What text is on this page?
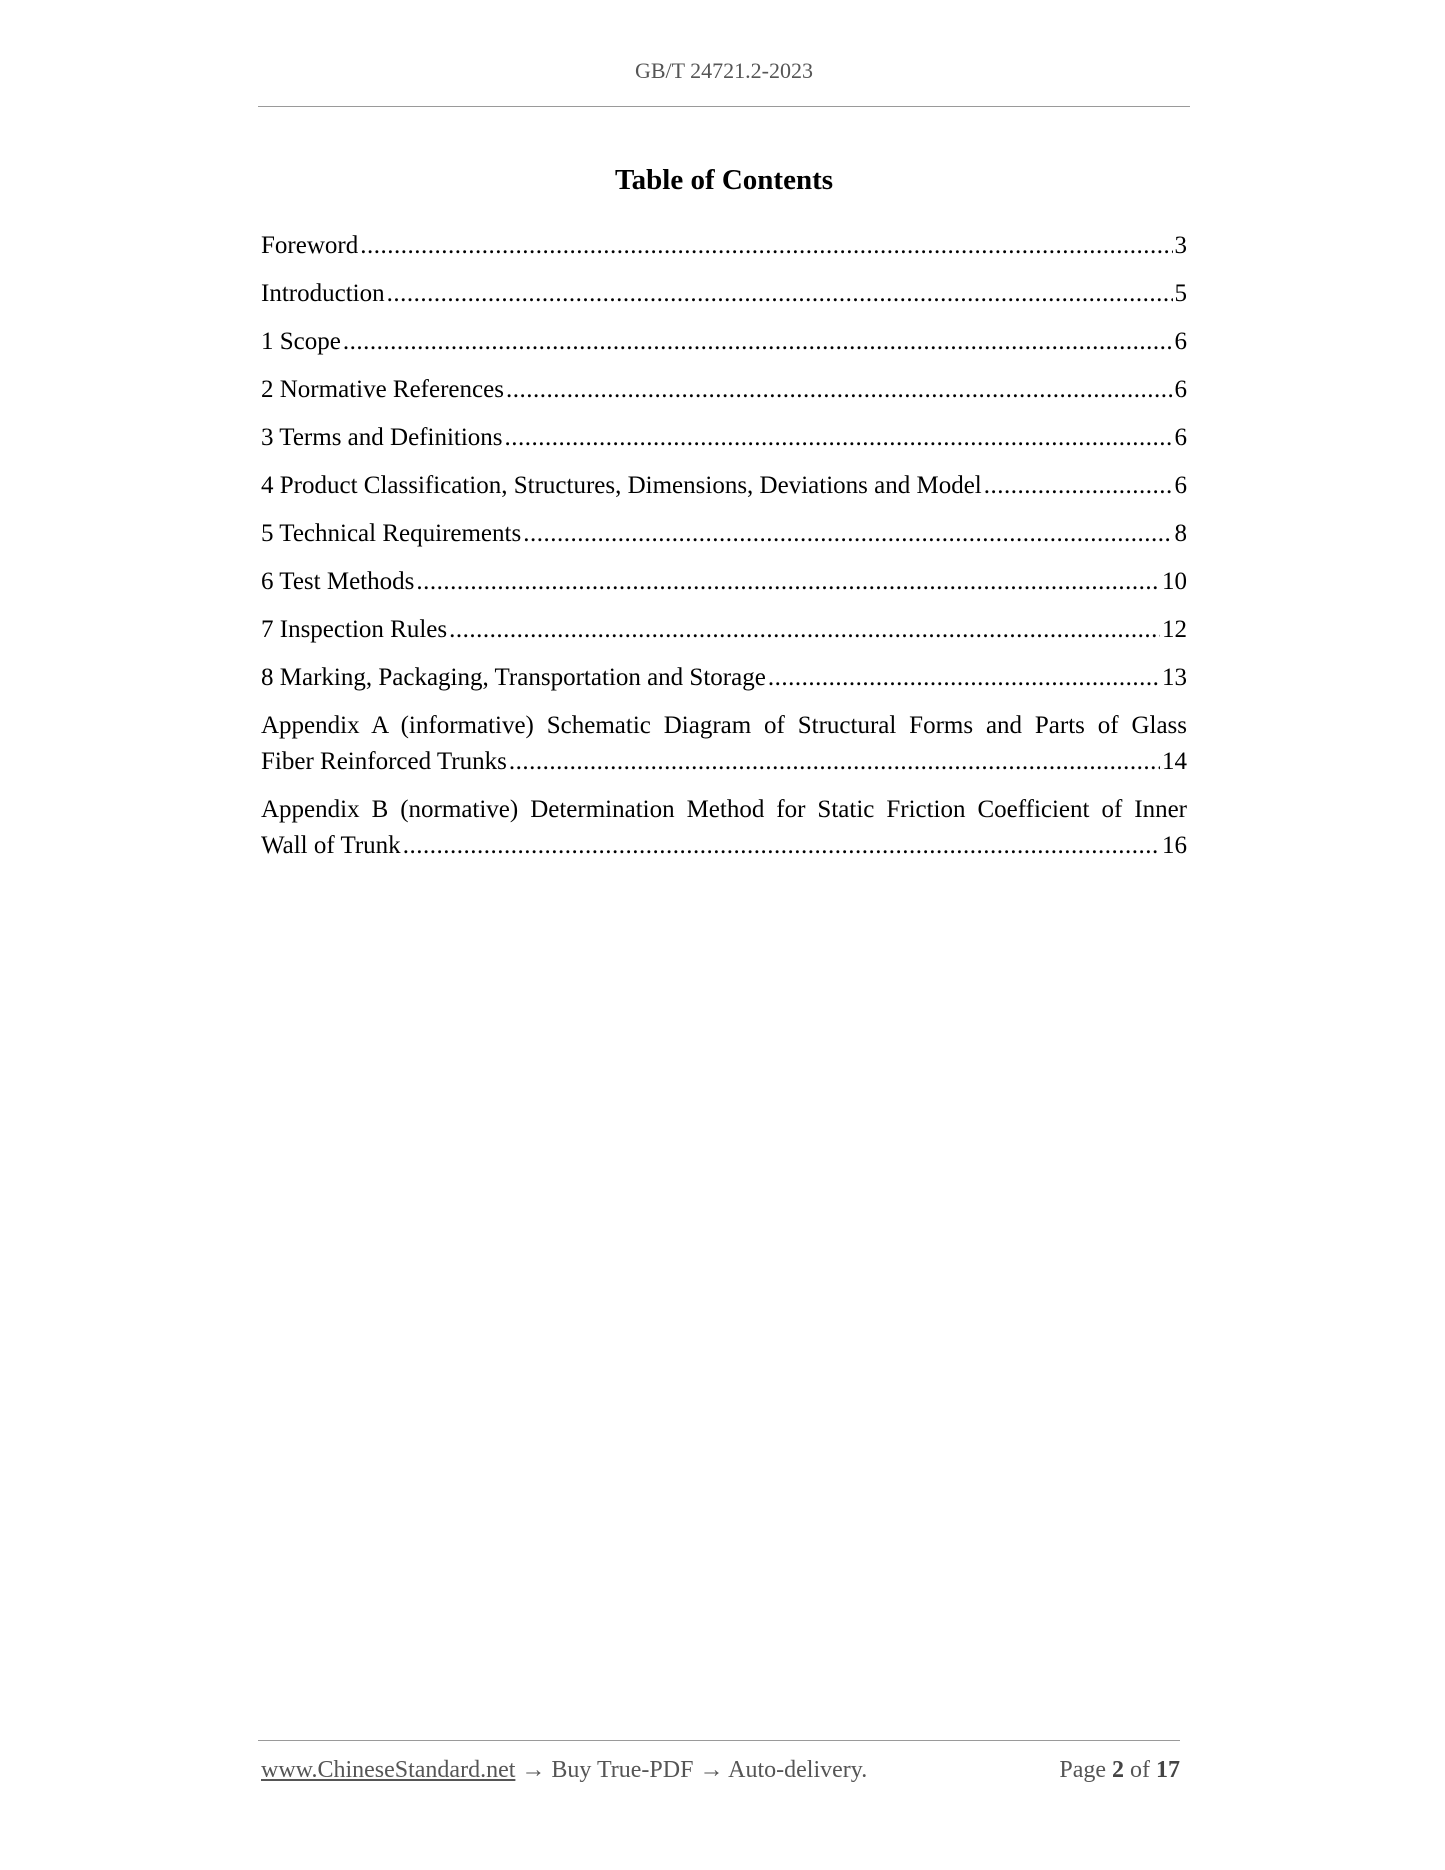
GB/T 24721.2-2023
Table of Contents
Foreword .....	3
Introduction .....	5
1 Scope .....	6
2 Normative References .....	6
3 Terms and Definitions .....	6
4 Product Classification, Structures, Dimensions, Deviations and Model .....	6
5 Technical Requirements .....	8
6 Test Methods .....	10
7 Inspection Rules .....	12
8 Marking, Packaging, Transportation and Storage .....	13
Appendix A (informative) Schematic Diagram of Structural Forms and Parts of Glass
Fiber Reinforced Trunks .....	14
Appendix B (normative) Determination Method for Static Friction Coefficient of Inner
Wall of Trunk .....	16
www.ChineseStandard.net → Buy True-PDF → Auto-delivery.	Page 2 of 17
